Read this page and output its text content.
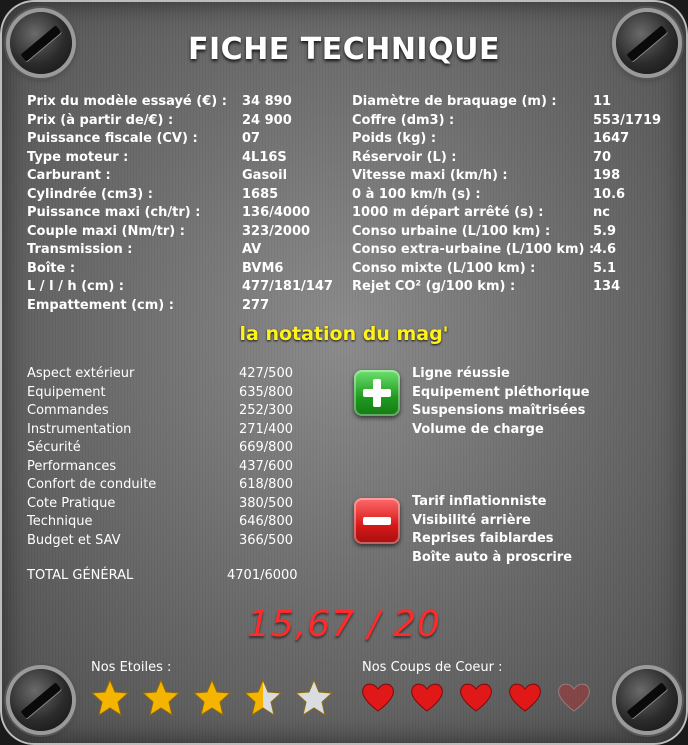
FICHE TECHNIQUE
Prix du modèle essayé (€) :	34 890
Prix (à partir de/€) :	24 900
Puissance fiscale (CV) :	07
Type moteur :	4L16S
Carburant :	Gasoil
Cylindrée (cm3) :	1685
Puissance maxi (ch/tr) :	136/4000
Couple maxi (Nm/tr) :	323/2000
Transmission :	AV
Boîte :	BVM6
L / l / h (cm) :	477/181/147
Empattement (cm) :	277
Diamètre de braquage (m) :	11
Coffre (dm3) :	553/1719
Poids (kg) :	1647
Réservoir (L) :	70
Vitesse maxi (km/h) :	198
0 à 100 km/h (s) :	10.6
1000 m départ arrêté (s) :	nc
Conso urbaine (L/100 km) :	5.9
Conso extra-urbaine (L/100 km) :
4.6
Conso mixte (L/100 km) :	5.1
Rejet CO² (g/100 km) :	134
la notation du mag'
Aspect extérieur	427/500
Equipement	635/800
Commandes	252/300
Instrumentation	271/400
Sécurité	669/800
Performances	437/600
Confort de conduite	618/800
Cote Pratique	380/500
Technique	646/800
Budget et SAV	366/500
TOTAL GÉNÉRAL	4701/6000
Ligne réussie
Equipement pléthorique
Suspensions maîtrisées
Volume de charge
Tarif inflationniste
Visibilité arrière
Reprises faiblardes
Boîte auto à proscrire
15,67 / 20
Nos Etoiles :	Nos Coups de Coeur :
